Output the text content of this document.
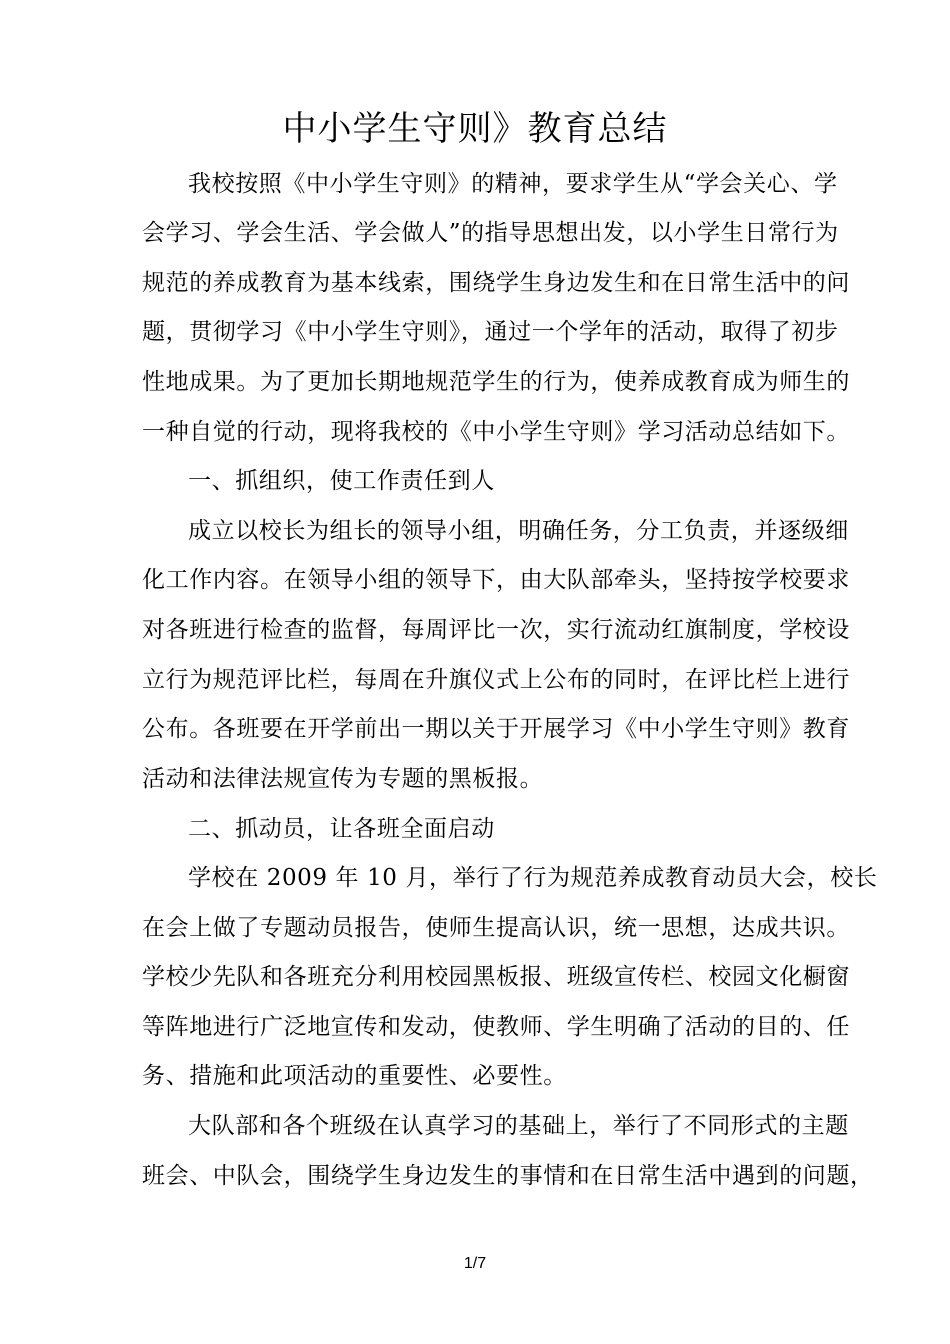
中小学生守则》教育总结
我校按照《中小学生守则》的精神，要求学生从“学会关心、学
会学习、学会生活、学会做人”的指导思想出发，以小学生日常行为
规范的养成教育为基本线索，围绕学生身边发生和在日常生活中的问
题，贯彻学习《中小学生守则》，通过一个学年的活动，取得了初步
性地成果。为了更加长期地规范学生的行为，使养成教育成为师生的
一种自觉的行动，现将我校的《中小学生守则》学习活动总结如下。
一、抓组织，使工作责任到人
成立以校长为组长的领导小组，明确任务，分工负责，并逐级细
化工作内容。在领导小组的领导下，由大队部牵头，坚持按学校要求
对各班进行检查的监督，每周评比一次，实行流动红旗制度，学校设
立行为规范评比栏，每周在升旗仪式上公布的同时，在评比栏上进行
公布。各班要在开学前出一期以关于开展学习《中小学生守则》教育
活动和法律法规宣传为专题的黑板报。
二、抓动员，让各班全面启动
学校在 2009 年 10 月，举行了行为规范养成教育动员大会，校长
在会上做了专题动员报告，使师生提高认识，统一思想，达成共识。
学校少先队和各班充分利用校园黑板报、班级宣传栏、校园文化橱窗
等阵地进行广泛地宣传和发动，使教师、学生明确了活动的目的、任
务、措施和此项活动的重要性、必要性。
大队部和各个班级在认真学习的基础上，举行了不同形式的主题
班会、中队会，围绕学生身边发生的事情和在日常生活中遇到的问题，
1/7
